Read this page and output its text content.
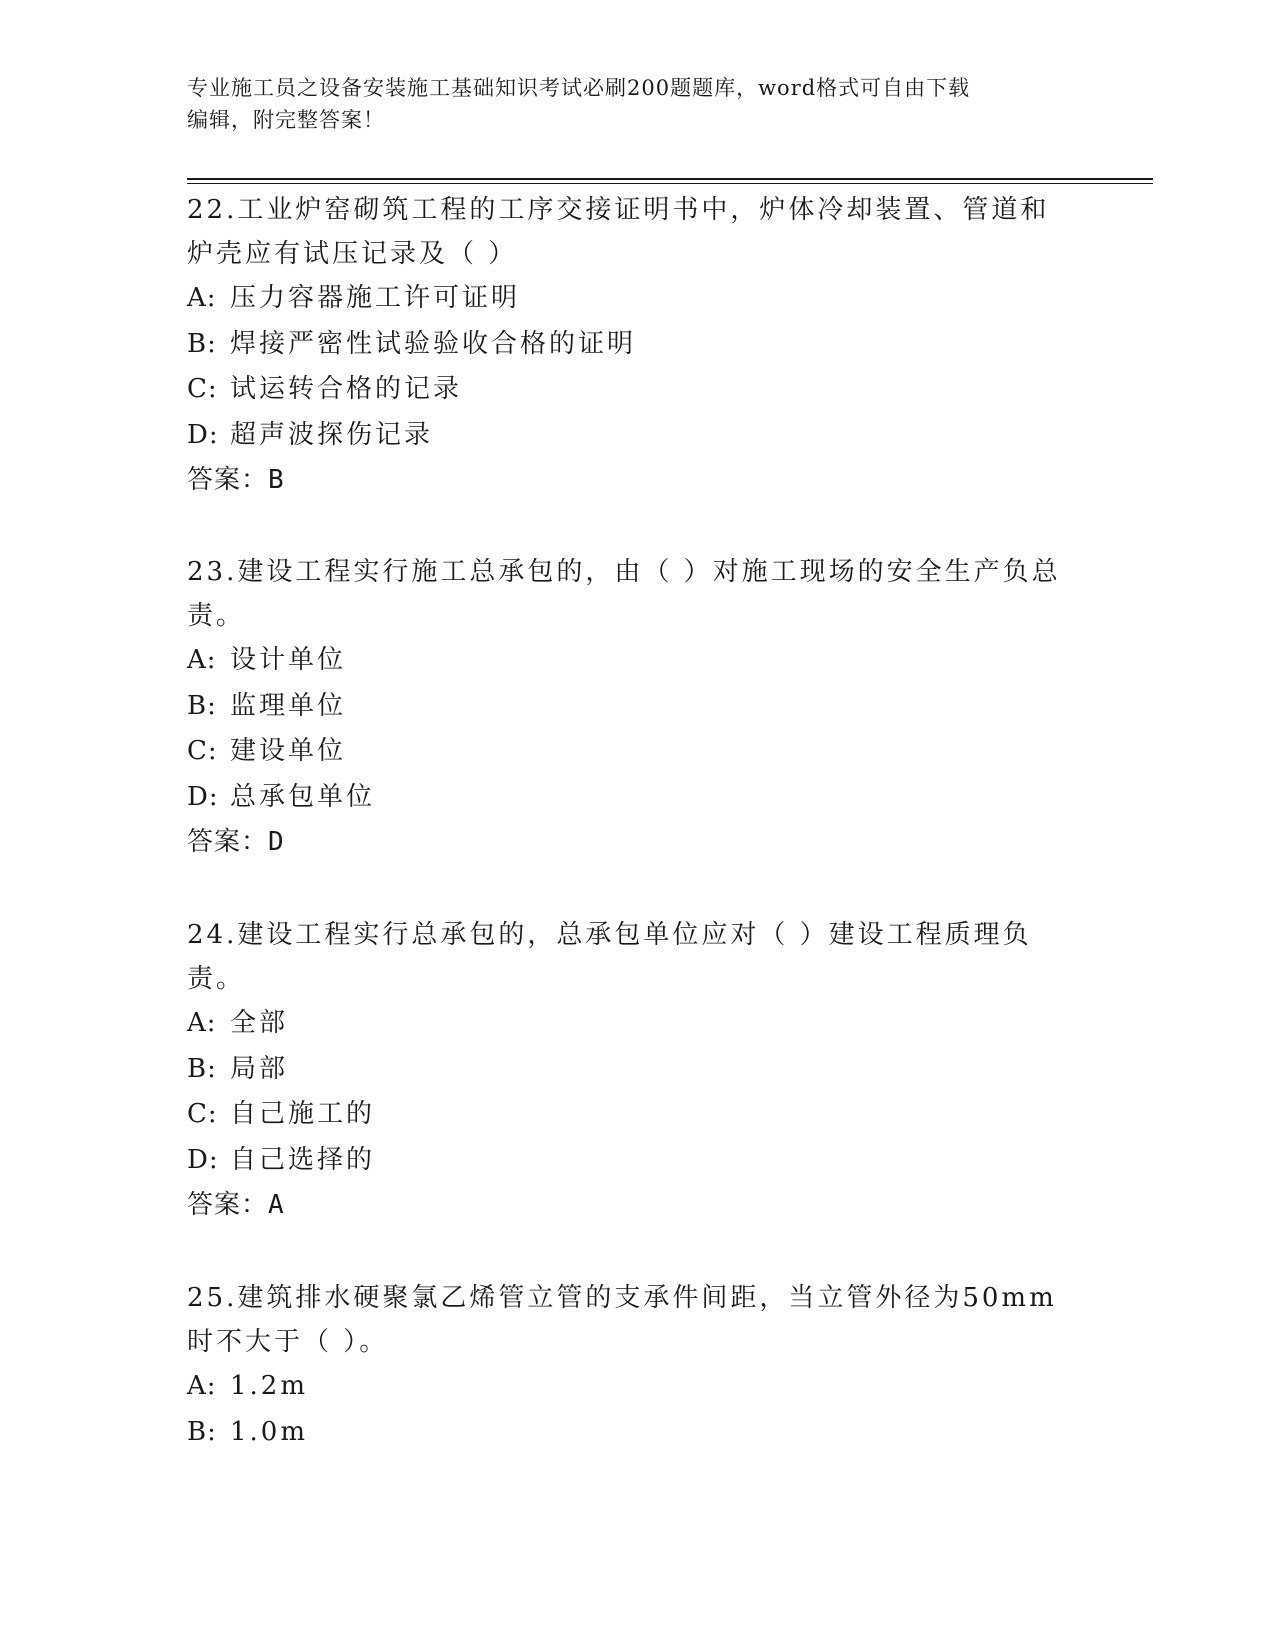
专业施工员之设备安装施工基础知识考试必刷200题题库，word格式可自由下载
编辑，附完整答案！

22.工业炉窑砌筑工程的工序交接证明书中，炉体冷却装置、管道和炉壳应有试压记录及（ ）

A: 压力容器施工许可证明

B: 焊接严密性试验验收合格的证明

C: 试运转合格的记录

D: 超声波探伤记录

答案：B

23.建设工程实行施工总承包的，由（ ）对施工现场的安全生产负总责。

A: 设计单位

B: 监理单位

C: 建设单位

D: 总承包单位

答案：D

24.建设工程实行总承包的，总承包单位应对（ ）建设工程质理负责。

A: 全部

B: 局部

C: 自己施工的

D: 自己选择的

答案：A

25.建筑排水硬聚氯乙烯管立管的支承件间距，当立管外径为50mm时不大于（ ）。

A: 1.2m

B: 1.0m
